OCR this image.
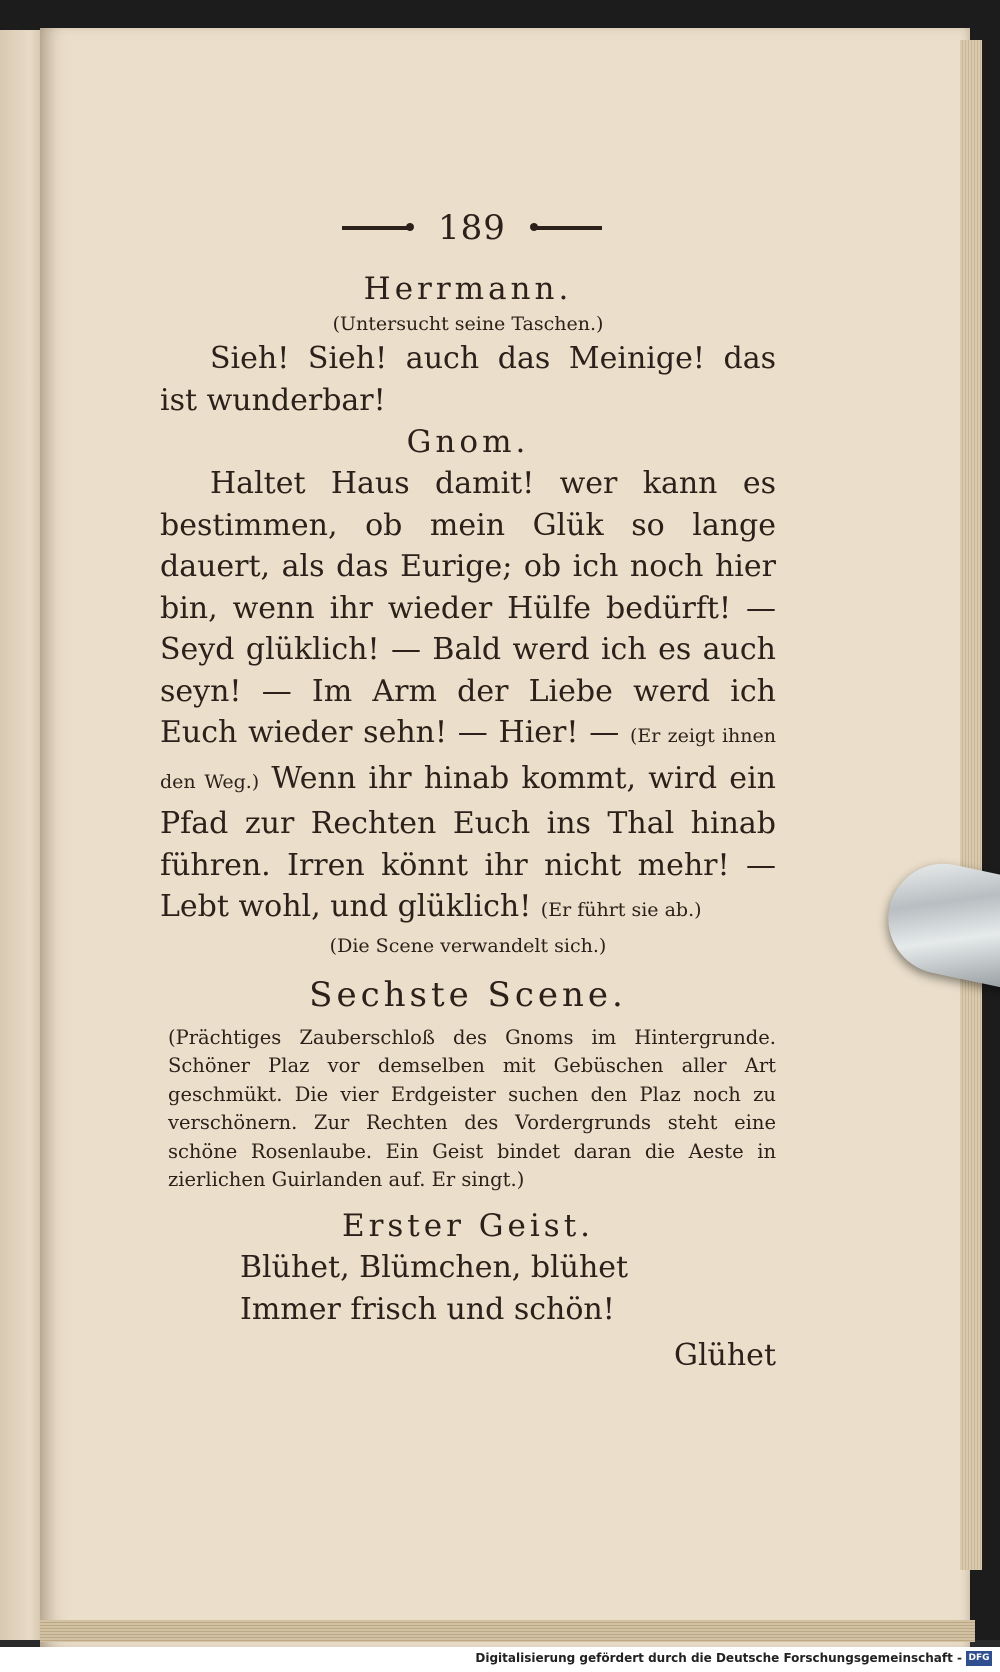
189

Herrmann.

(Untersucht seine Taschen.)

Sieh! Sieh! auch das Meinige! das ist wunderbar!

Gnom.

Haltet Haus damit! wer kann es bestimmen, ob mein Glük so lange dauert, als das Eurige; ob ich noch hier bin, wenn ihr wieder Hülfe bedürft! — Seyd glüklich! — Bald werd ich es auch seyn! — Im Arm der Liebe werd ich Euch wieder sehn! — Hier! — (Er zeigt ihnen den Weg.) Wenn ihr hinab kommt, wird ein Pfad zur Rechten Euch ins Thal hinab führen. Irren könnt ihr nicht mehr! — Lebt wohl, und glüklich! (Er führt sie ab.)

(Die Scene verwandelt sich.)

Sechste Scene.

(Prächtiges Zauberschloß des Gnoms im Hintergrunde. Schöner Plaz vor demselben mit Gebüschen aller Art geschmükt. Die vier Erdgeister suchen den Plaz noch zu verschönern. Zur Rechten des Vordergrunds steht eine schöne Rosenlaube. Ein Geist bindet daran die Aeste in zierlichen Guirlanden auf. Er singt.)

Erster Geist.

Blühet, Blümchen, blühet

Immer frisch und schön!

Glühet

Digitalisierung gefördert durch die Deutsche Forschungsgemeinschaft - DFG
